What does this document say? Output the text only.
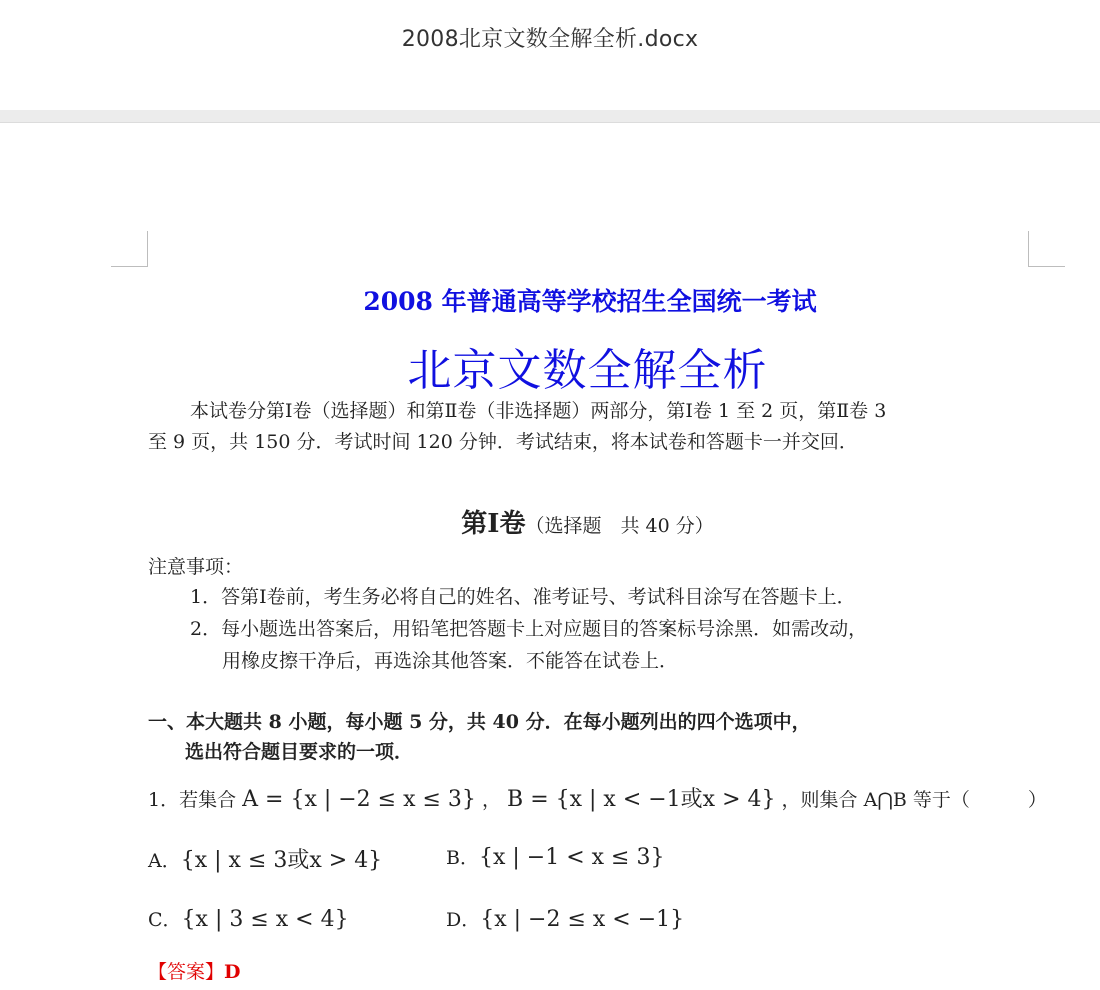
2008北京文数全解全析.docx
2008 年普通高等学校招生全国统一考试
北京文数全解全析
本试卷分第Ⅰ卷（选择题）和第Ⅱ卷（非选择题）两部分，第Ⅰ卷 1 至 2 页，第Ⅱ卷 3
至 9 页，共 150 分．考试时间 120 分钟．考试结束，将本试卷和答题卡一并交回．
第Ⅰ卷（选择题　共 40 分）
注意事项：
1．答第Ⅰ卷前，考生务必将自己的姓名、准考证号、考试科目涂写在答题卡上．
2．每小题选出答案后，用铅笔把答题卡上对应题目的答案标号涂黑．如需改动，
用橡皮擦干净后，再选涂其他答案．不能答在试卷上．
一、本大题共 8 小题，每小题 5 分，共 40 分．在每小题列出的四个选项中，
选出符合题目要求的一项．
1．若集合 A = {x | −2 ≤ x ≤ 3} ， B = {x | x < −1或x > 4} ，则集合 A⋂B 等于（	）
A．{x | x ≤ 3或x > 4}	B．{x | −1 < x ≤ 3}
C．{x | 3 ≤ x < 4}	D．{x | −2 ≤ x < −1}
【答案】D
